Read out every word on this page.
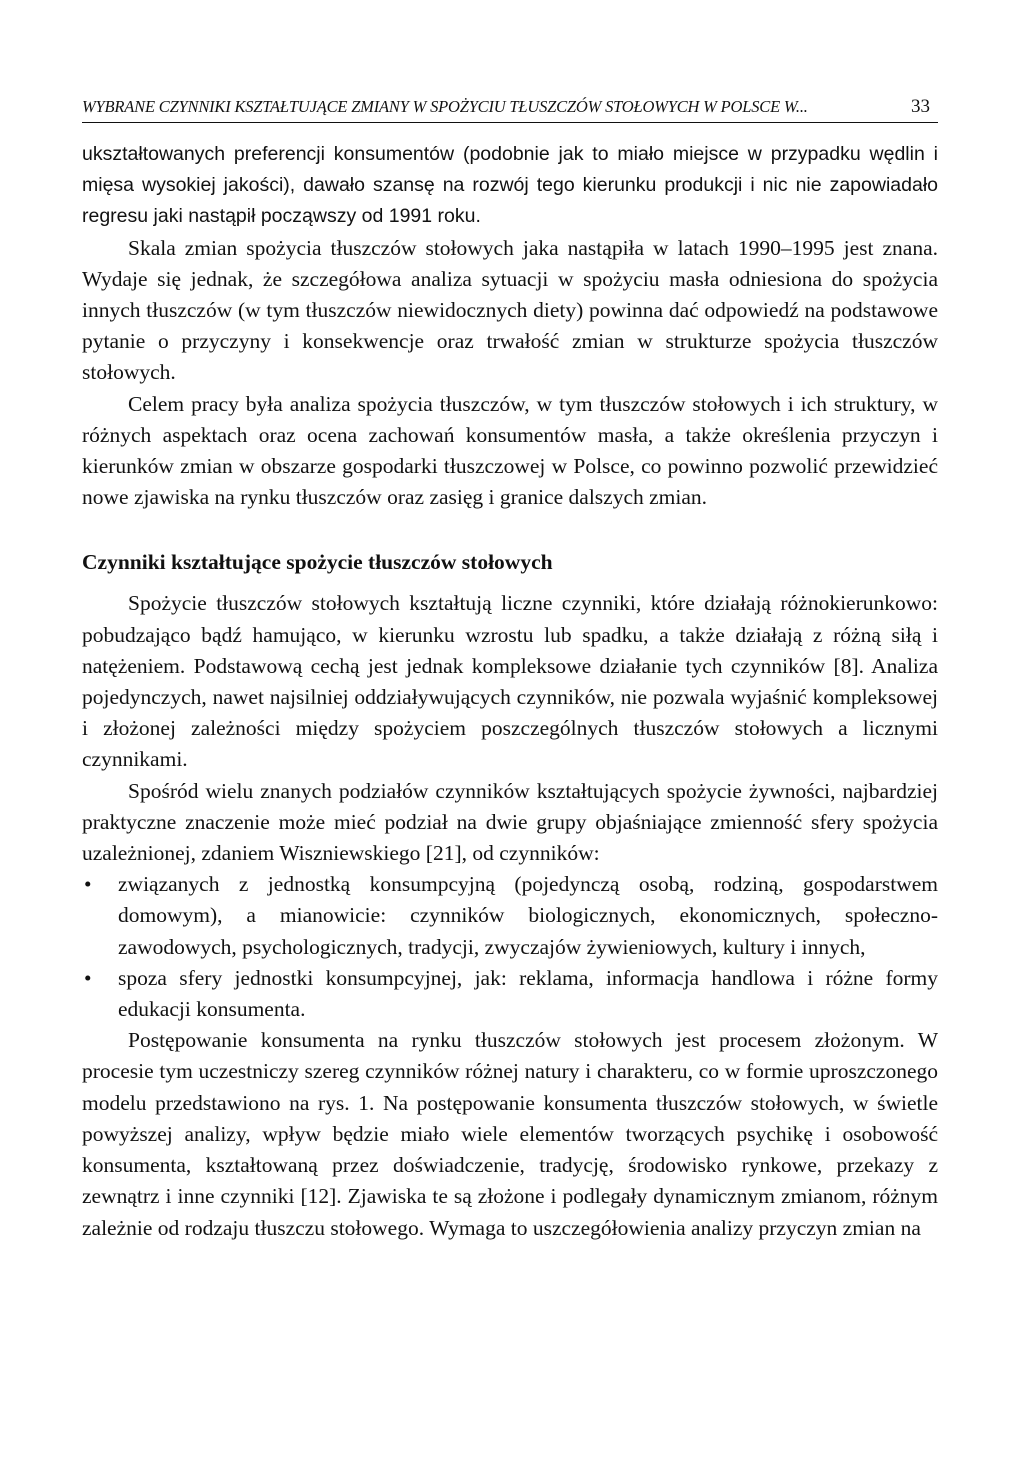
WYBRANE CZYNNIKI KSZTAŁTUJĄCE ZMIANY W SPOŻYCIU TŁUSZCZÓW STOŁOWYCH W POLSCE W...	33

ukształtowanych preferencji konsumentów (podobnie jak to miało miejsce w przypadku wędlin i mięsa wysokiej jakości), dawało szansę na rozwój tego kierunku produkcji i nic nie zapowiadało regresu jaki nastąpił począwszy od 1991 roku.

Skala zmian spożycia tłuszczów stołowych jaka nastąpiła w latach 1990–1995 jest znana. Wydaje się jednak, że szczegółowa analiza sytuacji w spożyciu masła odniesiona do spożycia innych tłuszczów (w tym tłuszczów niewidocznych diety) powinna dać odpowiedź na podstawowe pytanie o przyczyny i konsekwencje oraz trwałość zmian w strukturze spożycia tłuszczów stołowych.

Celem pracy była analiza spożycia tłuszczów, w tym tłuszczów stołowych i ich struktury, w różnych aspektach oraz ocena zachowań konsumentów masła, a także określenia przyczyn i kierunków zmian w obszarze gospodarki tłuszczowej w Polsce, co powinno pozwolić przewidzieć nowe zjawiska na rynku tłuszczów oraz zasięg i granice dalszych zmian.

Czynniki kształtujące spożycie tłuszczów stołowych

Spożycie tłuszczów stołowych kształtują liczne czynniki, które działają różnokierunkowo: pobudzająco bądź hamująco, w kierunku wzrostu lub spadku, a także działają z różną siłą i natężeniem. Podstawową cechą jest jednak kompleksowe działanie tych czynników [8]. Analiza pojedynczych, nawet najsilniej oddziaływujących czynników, nie pozwala wyjaśnić kompleksowej i złożonej zależności między spożyciem poszczególnych tłuszczów stołowych a licznymi czynnikami.

Spośród wielu znanych podziałów czynników kształtujących spożycie żywności, najbardziej praktyczne znaczenie może mieć podział na dwie grupy objaśniające zmienność sfery spożycia uzależnionej, zdaniem Wiszniewskiego [21], od czynników:

• związanych z jednostką konsumpcyjną (pojedynczą osobą, rodziną, gospodarstwem domowym), a mianowicie: czynników biologicznych, ekonomicznych, społeczno-zawodowych, psychologicznych, tradycji, zwyczajów żywieniowych, kultury i innych,
• spoza sfery jednostki konsumpcyjnej, jak: reklama, informacja handlowa i różne formy edukacji konsumenta.

Postępowanie konsumenta na rynku tłuszczów stołowych jest procesem złożonym. W procesie tym uczestniczy szereg czynników różnej natury i charakteru, co w formie uproszczonego modelu przedstawiono na rys. 1. Na postępowanie konsumenta tłuszczów stołowych, w świetle powyższej analizy, wpływ będzie miało wiele elementów tworzących psychikę i osobowość konsumenta, kształtowaną przez doświadczenie, tradycję, środowisko rynkowe, przekazy z zewnątrz i inne czynniki [12]. Zjawiska te są złożone i podlegały dynamicznym zmianom, różnym zależnie od rodzaju tłuszczu stołowego. Wymaga to uszczegółowienia analizy przyczyn zmian na
